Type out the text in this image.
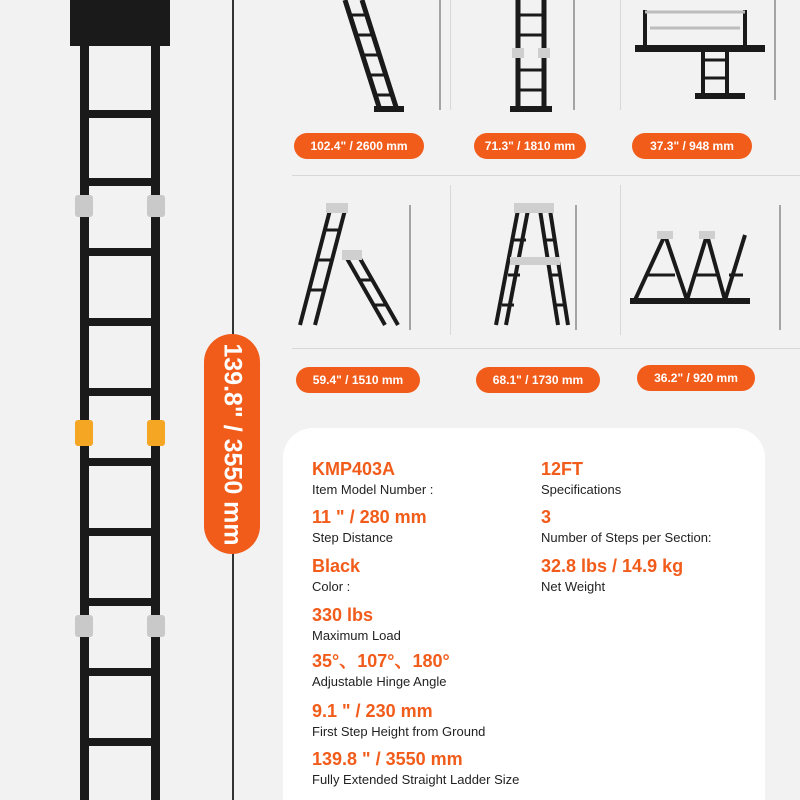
139.8" / 3550 mm
102.4" / 2600 mm	71.3" / 1810 mm	37.3" / 948 mm
59.4" / 1510 mm	68.1" / 1730 mm	36.2" / 920 mm
KMP403A
Item Model Number :
11 " / 280 mm
Step Distance
Black
Color :
330 lbs
Maximum Load
35°、107°、180°
Adjustable Hinge Angle
9.1 " / 230 mm
First Step Height from Ground
139.8 " / 3550 mm
Fully Extended Straight Ladder Size
12FT
Specifications
3
Number of Steps per Section:
32.8 lbs / 14.9 kg
Net Weight
